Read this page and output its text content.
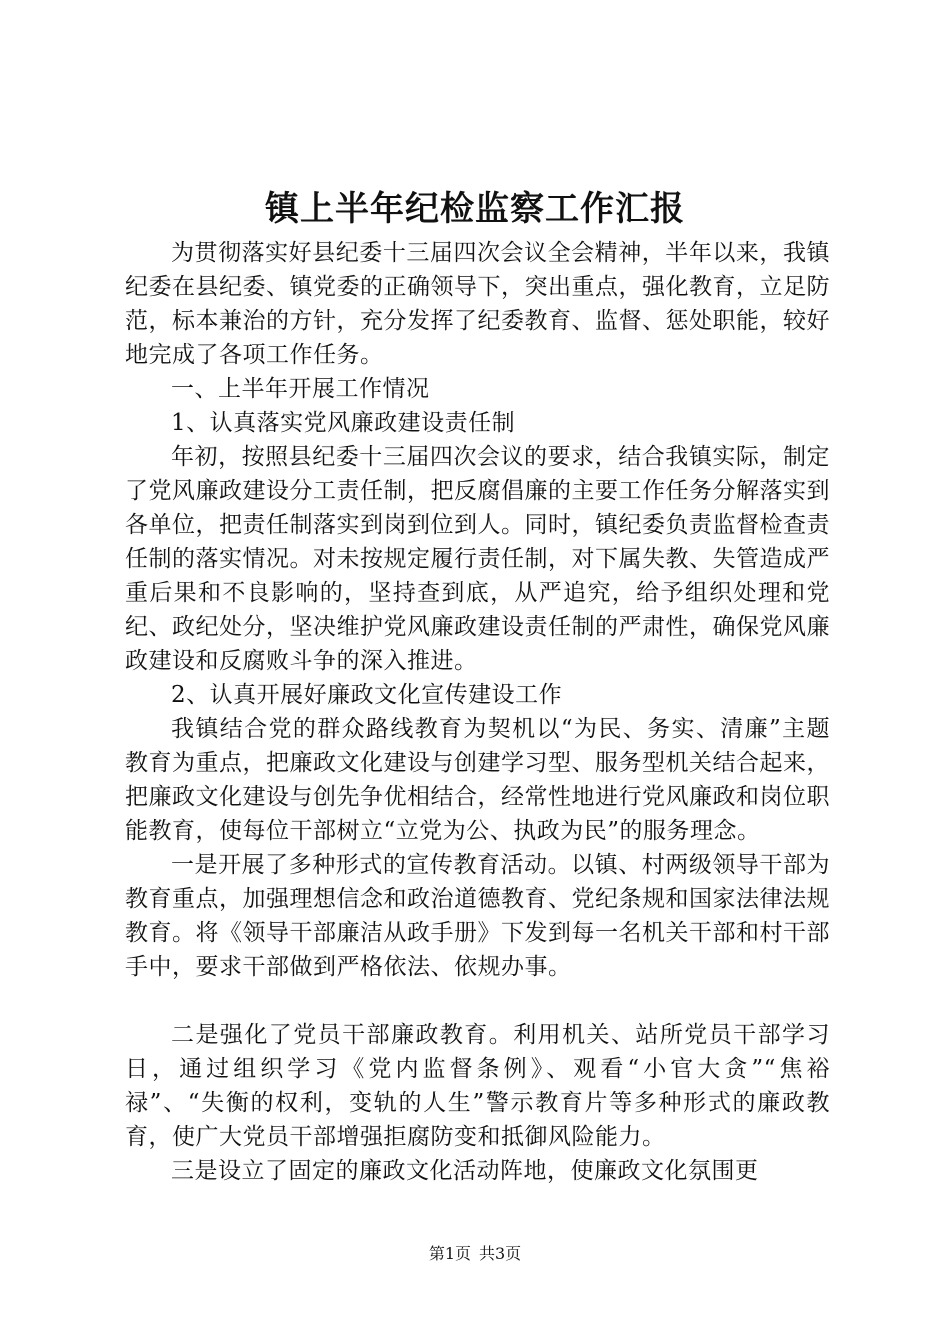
镇上半年纪检监察工作汇报

为贯彻落实好县纪委十三届四次会议全会精神，半年以来，我镇纪委在县纪委、镇党委的正确领导下，突出重点，强化教育，立足防范，标本兼治的方针，充分发挥了纪委教育、监督、惩处职能，较好地完成了各项工作任务。

一、上半年开展工作情况

1、认真落实党风廉政建设责任制

年初，按照县纪委十三届四次会议的要求，结合我镇实际，制定了党风廉政建设分工责任制，把反腐倡廉的主要工作任务分解落实到各单位，把责任制落实到岗到位到人。同时，镇纪委负责监督检查责任制的落实情况。对未按规定履行责任制，对下属失教、失管造成严重后果和不良影响的，坚持查到底，从严追究，给予组织处理和党纪、政纪处分，坚决维护党风廉政建设责任制的严肃性，确保党风廉政建设和反腐败斗争的深入推进。

2、认真开展好廉政文化宣传建设工作

我镇结合党的群众路线教育为契机以“为民、务实、清廉”主题教育为重点，把廉政文化建设与创建学习型、服务型机关结合起来，把廉政文化建设与创先争优相结合，经常性地进行党风廉政和岗位职能教育，使每位干部树立“立党为公、执政为民”的服务理念。

一是开展了多种形式的宣传教育活动。以镇、村两级领导干部为教育重点，加强理想信念和政治道德教育、党纪条规和国家法律法规教育。将《领导干部廉洁从政手册》下发到每一名机关干部和村干部手中，要求干部做到严格依法、依规办事。

二是强化了党员干部廉政教育。利用机关、站所党员干部学习日，通过组织学习《党内监督条例》、观看“小官大贪”“焦裕禄”、“失衡的权利，变轨的人生”警示教育片等多种形式的廉政教育，使广大党员干部增强拒腐防变和抵御风险能力。

三是设立了固定的廉政文化活动阵地，使廉政文化氛围更

第1页 共3页
